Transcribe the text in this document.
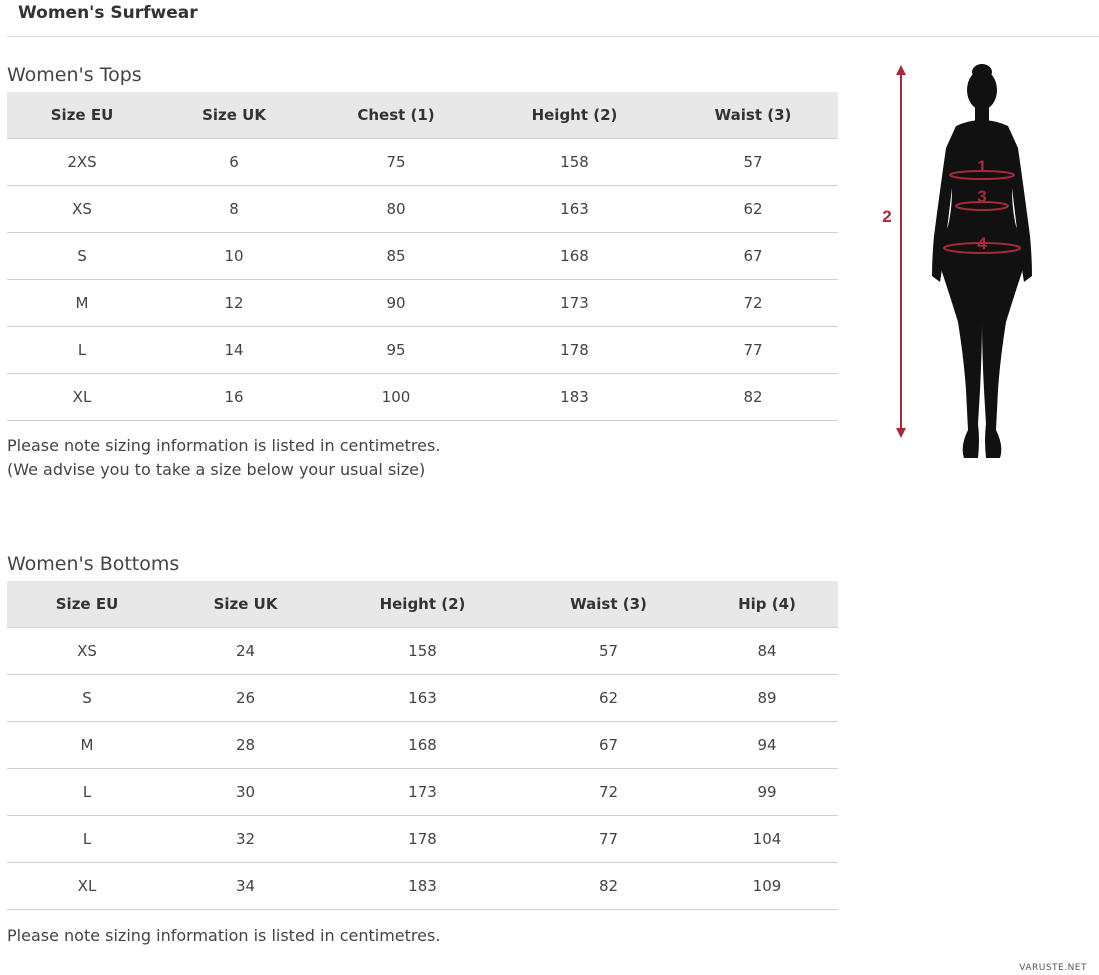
Women's Surfwear
Women's Tops
Size EU	Size UK	Chest (1)	Height (2)	Waist (3)
2XS	6	75	158	57
XS	8	80	163	62
S	10	85	168	67
M	12	90	173	72
L	14	95	178	77
XL	16	100	183	82
Please note sizing information is listed in centimetres.
(We advise you to take a size below your usual size)
1
3
4
2
Women's Bottoms
Size EU	Size UK	Height (2)	Waist (3)	Hip (4)
XS	24	158	57	84
S	26	163	62	89
M	28	168	67	94
L	30	173	72	99
L	32	178	77	104
XL	34	183	82	109
Please note sizing information is listed in centimetres.
VARUSTE.NET
